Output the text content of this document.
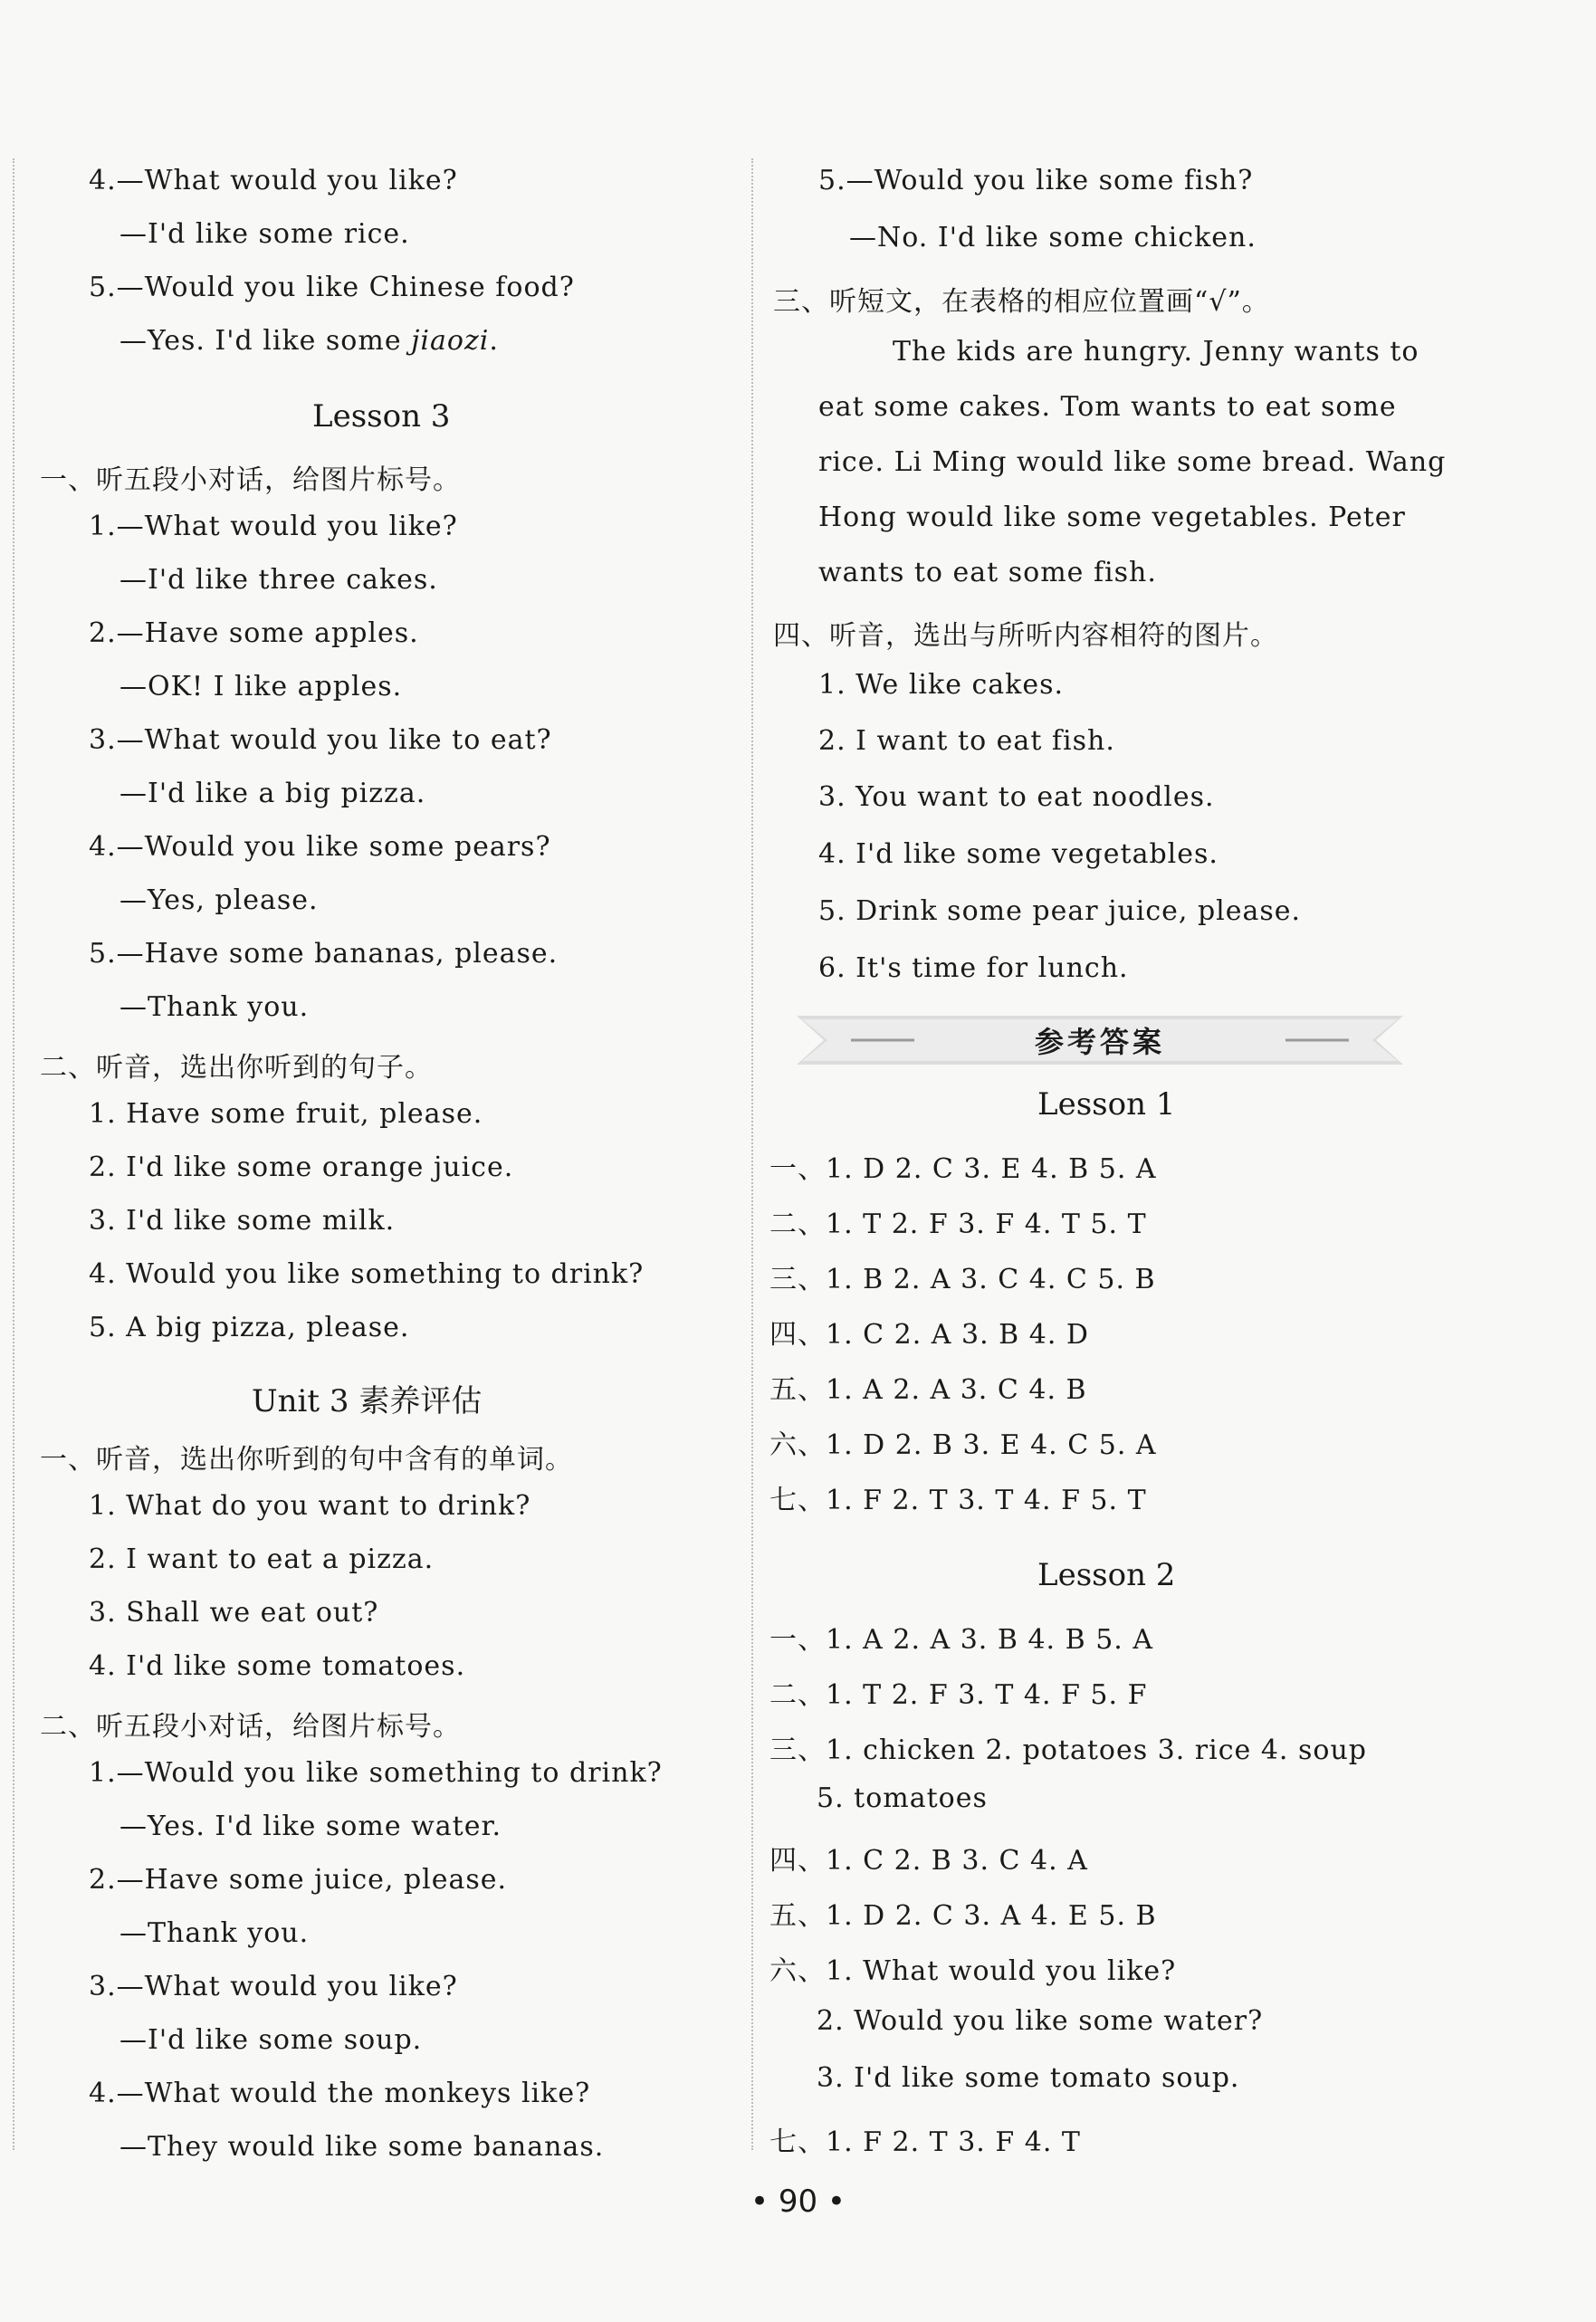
4.—What would you like?
—I'd like some rice.
5.—Would you like Chinese food?
—Yes. I'd like some jiaozi.
Lesson 3
一、听五段小对话，给图片标号。
1.—What would you like?
—I'd like three cakes.
2.—Have some apples.
—OK! I like apples.
3.—What would you like to eat?
—I'd like a big pizza.
4.—Would you like some pears?
—Yes, please.
5.—Have some bananas, please.
—Thank you.
二、听音，选出你听到的句子。
1. Have some fruit, please.
2. I'd like some orange juice.
3. I'd like some milk.
4. Would you like something to drink?
5. A big pizza, please.
Unit 3 素养评估
一、听音，选出你听到的句中含有的单词。
1. What do you want to drink?
2. I want to eat a pizza.
3. Shall we eat out?
4. I'd like some tomatoes.
二、听五段小对话，给图片标号。
1.—Would you like something to drink?
—Yes. I'd like some water.
2.—Have some juice, please.
—Thank you.
3.—What would you like?
—I'd like some soup.
4.—What would the monkeys like?
—They would like some bananas.
5.—Would you like some fish?
—No. I'd like some chicken.
三、听短文，在表格的相应位置画“√”。
The kids are hungry. Jenny wants to
eat some cakes. Tom wants to eat some
rice. Li Ming would like some bread. Wang
Hong would like some vegetables. Peter
wants to eat some fish.
四、听音，选出与所听内容相符的图片。
1. We like cakes.
2. I want to eat fish.
3. You want to eat noodles.
4. I'd like some vegetables.
5. Drink some pear juice, please.
6. It's time for lunch.
参考答案
Lesson 1
一、1. D 2. C 3. E 4. B 5. A
二、1. T 2. F 3. F 4. T 5. T
三、1. B 2. A 3. C 4. C 5. B
四、1. C 2. A 3. B 4. D
五、1. A 2. A 3. C 4. B
六、1. D 2. B 3. E 4. C 5. A
七、1. F 2. T 3. T 4. F 5. T
Lesson 2
一、1. A 2. A 3. B 4. B 5. A
二、1. T 2. F 3. T 4. F 5. F
三、1. chicken 2. potatoes 3. rice 4. soup
5. tomatoes
四、1. C 2. B 3. C 4. A
五、1. D 2. C 3. A 4. E 5. B
六、1. What would you like?
2. Would you like some water?
3. I'd like some tomato soup.
七、1. F 2. T 3. F 4. T
• 90 •
